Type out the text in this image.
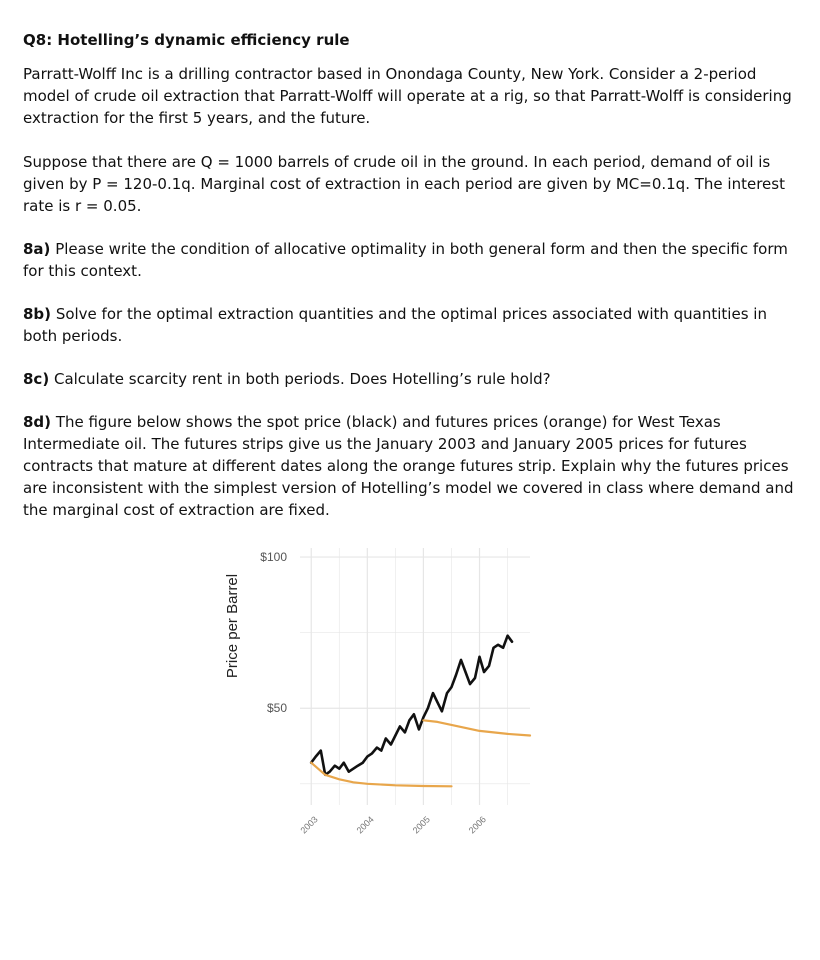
Q8: Hotelling’s dynamic efficiency rule

Parratt-Wolff Inc is a drilling contractor based in Onondaga County, New York. Consider a 2-period model of crude oil extraction that Parratt-Wolff will operate at a rig, so that Parratt-Wolff is considering extraction for the first 5 years, and the future.

Suppose that there are Q = 1000 barrels of crude oil in the ground. In each period, demand of oil is given by P = 120-0.1q. Marginal cost of extraction in each period are given by MC=0.1q. The interest rate is r = 0.05.

8a) Please write the condition of allocative optimality in both general form and then the specific form for this context.

8b) Solve for the optimal extraction quantities and the optimal prices associated with quantities in both periods.

8c) Calculate scarcity rent in both periods. Does Hotelling’s rule hold?

8d) The figure below shows the spot price (black) and futures prices (orange) for West Texas Intermediate oil. The futures strips give us the January 2003 and January 2005 prices for futures contracts that mature at different dates along the orange futures strip. Explain why the futures prices are inconsistent with the simplest version of Hotelling’s model we covered in class where demand and the marginal cost of extraction are fixed.

$50
$100
2003	2004	2005	2006
Price per Barrel
